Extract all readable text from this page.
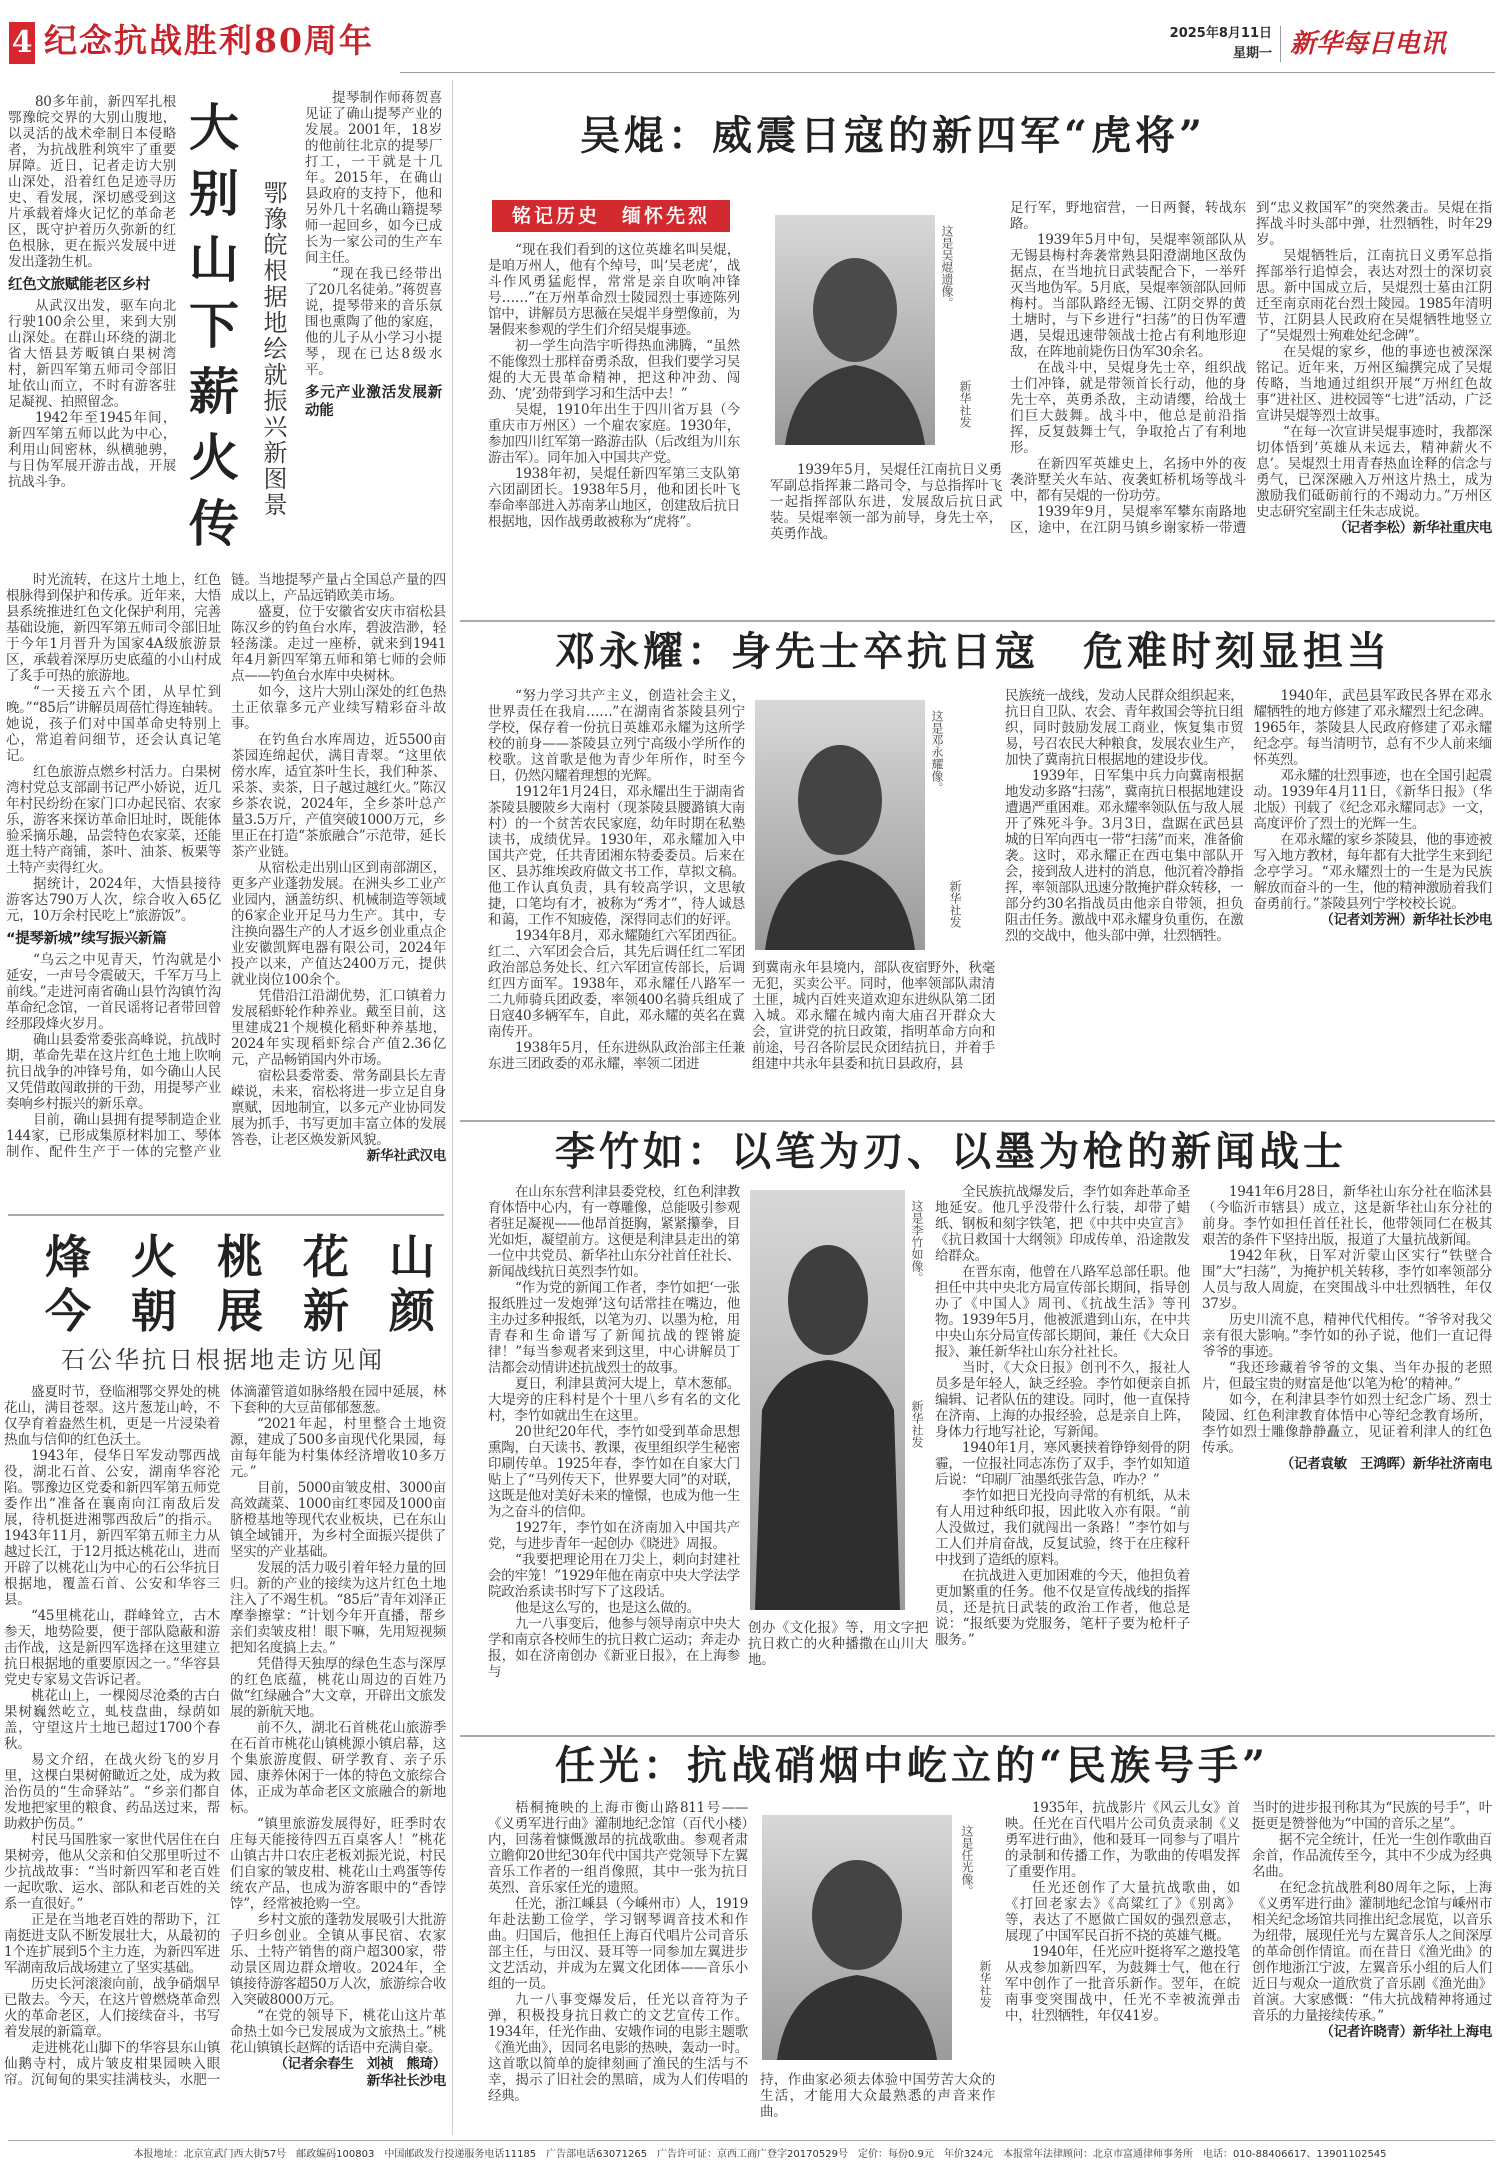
4 纪念抗战胜利80周年	2025年8月11日
星期一 新华每日电讯

80多年前，新四军扎根鄂豫皖交界的大别山腹地，以灵活的战术牵制日本侵略者，为抗战胜利筑牢了重要屏障。近日，记者走访大别山深处，沿着红色足迹寻历史、看发展，深切感受到这片承载着烽火记忆的革命老区，既守护着历久弥新的红色根脉，更在振兴发展中迸发出蓬勃生机。

红色文旅赋能老区乡村

从武汉出发，驱车向北行驶100余公里，来到大别山深处。在群山环绕的湖北省大悟县芳畈镇白果树湾村，新四军第五师司令部旧址依山而立，不时有游客驻足凝视、拍照留念。

1942年至1945年间，新四军第五师以此为中心，利用山间密林，纵横驰骋，与日伪军展开游击战，开展抗战斗争。

大
别
山
下
薪
火
传
鄂豫皖根据地绘就振兴新图景

提琴制作师蒋贺喜见证了确山提琴产业的发展。2001年，18岁的他前往北京的提琴厂打工，一干就是十几年。2015年，在确山县政府的支持下，他和另外几十名确山籍提琴师一起回乡，如今已成长为一家公司的生产车间主任。

“现在我已经带出了20几名徒弟。”蒋贺喜说，提琴带来的音乐氛围也熏陶了他的家庭，他的儿子从小学习小提琴，现在已达8级水平。

多元产业激活发展新动能

时光流转，在这片土地上，红色根脉得到保护和传承。近年来，大悟县系统推进红色文化保护利用，完善基础设施，新四军第五师司令部旧址于今年1月晋升为国家4A级旅游景区，承载着深厚历史底蕴的小山村成了炙手可热的旅游地。

“一天接五六个团，从早忙到晚。”“85后”讲解员周蓓忙得连轴转。她说，孩子们对中国革命史特别上心，常追着问细节，还会认真记笔记。

红色旅游点燃乡村活力。白果树湾村党总支部副书记严小娇说，近几年村民纷纷在家门口办起民宿、农家乐，游客来探访革命旧址时，既能体验采摘乐趣，品尝特色农家菜，还能逛土特产商铺，茶叶、油茶、板栗等土特产卖得红火。

据统计，2024年，大悟县接待游客达790万人次，综合收入65亿元，10万余村民吃上“旅游饭”。

“提琴新城”续写振兴新篇

“乌云之中见青天，竹沟就是小延安，一声号令震破天，千军万马上前线。”走进河南省确山县竹沟镇竹沟革命纪念馆，一首民谣将记者带回曾经那段烽火岁月。

确山县委常委张高峰说，抗战时期，革命先辈在这片红色土地上吹响抗日战争的冲锋号角，如今确山人民又凭借敢闯敢拼的干劲，用提琴产业奏响乡村振兴的新乐章。

目前，确山县拥有提琴制造企业144家，已形成集原材料加工、琴体制作、配件生产于一体的完整产业链。当地提琴产量占全国总产量的四成以上，产品远销欧美市场。

盛夏，位于安徽省安庆市宿松县陈汉乡的钓鱼台水库，碧波浩渺，轻轻荡漾。走过一座桥，就来到1941年4月新四军第五师和第七师的会师点——钓鱼台水库中央树林。

如今，这片大别山深处的红色热土正依靠多元产业续写精彩奋斗故事。

在钓鱼台水库周边，近5500亩茶园连绵起伏，满目青翠。“这里依傍水库，适宜茶叶生长，我们种茶、采茶、卖茶，日子越过越红火。”陈汉乡茶农说，2024年，全乡茶叶总产量3.5万斤，产值突破1000万元，乡里正在打造“茶旅融合”示范带，延长茶产业链。

从宿松走出别山区到南部湖区，更多产业蓬勃发展。在洲头乡工业产业园内，涵盖纺织、机械制造等领域的6家企业开足马力生产。其中，专注换向器生产的人才返乡创业重点企业安徽凯辉电器有限公司，2024年投产以来，产值达2400万元，提供就业岗位100余个。

凭借沿江沿湖优势，汇口镇着力发展稻虾轮作种养业。戴至目前，这里建成21个规模化稻虾种养基地，2024年实现稻虾综合产值2.36亿元，产品畅销国内外市场。

宿松县委常委、常务副县长左青嵘说，未来，宿松将进一步立足自身禀赋，因地制宜，以多元产业协同发展为抓手，书写更加丰富立体的发展答卷，让老区焕发新风貌。

新华社武汉电
烽 火 桃 花 山
今 朝 展 新 颜
石公华抗日根据地走访见闻

盛夏时节，登临湘鄂交界处的桃花山，满目苍翠。这片葱茏山岭，不仅孕育着盎然生机，更是一片浸染着热血与信仰的红色沃土。

1943年，侵华日军发动鄂西战役，湖北石首、公安，湖南华容沦陷。鄂豫边区党委和新四军第五师党委作出“准备在襄南向江南敌后发展，待机挺进湘鄂西敌后”的指示。1943年11月，新四军第五师主力从越过长江，于12月抵达桃花山，进而开辟了以桃花山为中心的石公华抗日根据地，覆盖石首、公安和华容三县。

“45里桃花山，群峰耸立，古木参天，地势险要，便于部队隐蔽和游击作战，这是新四军选择在这里建立抗日根据地的重要原因之一。”华容县党史专家易文告诉记者。

桃花山上，一棵阅尽沧桑的古白果树巍然屹立，虬枝盘曲，绿荫如盖，守望这片土地已超过1700个春秋。

易文介绍，在战火纷飞的岁月里，这棵白果树俯瞰近之处，成为救治伤员的“生命驿站”。“乡亲们都自发地把家里的粮食、药品送过来，帮助救护伤员。”

村民马国胜家一家世代居住在白果树旁，他从父亲和伯父那里听过不少抗战故事：“当时新四军和老百姓一起吹歌、运水、部队和老百姓的关系一直很好。”

正是在当地老百姓的帮助下，江南挺进支队不断发展壮大，从最初的1个连扩展到5个主力连，为新四军进军湖南敌后战场建立了坚实基础。

历史长河滚滚向前，战争硝烟早已散去。今天，在这片曾燃烧革命烈火的革命老区，人们接续奋斗，书写着发展的新篇章。

走进桃花山脚下的华容县东山镇仙鹅寺村，成片皱皮柑果园映入眼帘。沉甸甸的果实挂满枝头，水肥一体滴灌管道如脉络般在园中延展，林下套种的大豆苗郁郁葱葱。

“2021年起，村里整合土地资源，建成了500多亩现代化果园，每亩每年能为村集体经济增收10多万元。”

目前，5000亩皱皮柑、3000亩高效蔬菜、1000亩红枣园及1000亩脐橙基地等现代农业板块，已在东山镇全域铺开，为乡村全面振兴提供了坚实的产业基础。

发展的活力吸引着年轻力量的回归。新的产业的接续为这片红色土地注入了不竭生机。“85后”青年刘泽正摩拳擦掌：“计划今年开直播，帮乡亲们卖皱皮柑！眼下嘛，先用短视频把知名度搞上去。”

凭借得天独厚的绿色生态与深厚的红色底蕴，桃花山周边的百姓乃做“红绿融合”大文章，开辟出文旅发展的新航天地。

前不久，湖北石首桃花山旅游季在石首市桃花山镇桃源小镇启幕，这个集旅游度假、研学教育、亲子乐园、康养休闲于一体的特色文旅综合体，正成为革命老区文旅融合的新地标。

“镇里旅游发展得好，旺季时农庄每天能接待四五百桌客人！”桃花山镇古井口农庄老板刘振光说，村民们自家的皱皮柑、桃花山土鸡蛋等传统农产品，也成为游客眼中的“香饽饽”，经常被抢购一空。

乡村文旅的蓬勃发展吸引大批游子归乡创业。全镇从事民宿、农家乐、土特产销售的商户超300家，带动景区周边群众增收。2024年，全镇接待游客超50万人次，旅游综合收入突破8000万元。

“在党的领导下，桃花山这片革命热土如今已发展成为文旅热土。”桃花山镇镇长赵辉的话语中充满自豪。

（记者余春生　刘祯　熊琦）
新华社长沙电
吴焜：威震日寇的新四军“虎将”
铭记历史　缅怀先烈

“现在我们看到的这位英雄名叫吴焜，是咱万州人，他有个绰号，叫‘吴老虎’，战斗作风勇猛彪悍，常常是亲自吹响冲锋号……”在万州革命烈士陵园烈士事迹陈列馆中，讲解员方思薇在吴焜半身塑像前，为暑假来参观的学生们介绍吴焜事迹。

初一学生向浩宇听得热血沸腾，“虽然不能像烈士那样奋勇杀敌，但我们要学习吴焜的大无畏革命精神，把这种冲劲、闯劲、‘虎’劲带到学习和生活中去！”

吴焜，1910年出生于四川省万县（今重庆市万州区）一个雇农家庭。1930年，参加四川红军第一路游击队（后改组为川东游击军）。同年加入中国共产党。

1938年初，吴焜任新四军第三支队第六团副团长。1938年5月，他和团长叶飞奉命率部进入苏南茅山地区，创建敌后抗日根据地，因作战勇敢被称为“虎将”。

这是吴焜遗像。
新华社发

1939年5月，吴焜任江南抗日义勇军副总指挥兼二路司令，与总指挥叶飞一起指挥部队东进，发展敌后抗日武装。吴焜率领一部为前导，身先士卒，英勇作战。

足行军，野地宿营，一日两餐，转战东路。

1939年5月中旬，吴焜率领部队从无锡县梅村奔袭常熟县阳澄湖地区敌伪据点，在当地抗日武装配合下，一举歼灭当地伪军。5月底，吴焜率领部队回师梅村。当部队路经无锡、江阴交界的黄土塘时，与下乡进行“扫荡”的日伪军遭遇，吴焜迅速带领战士抢占有利地形迎敌，在阵地前毙伤日伪军30余名。

在战斗中，吴焜身先士卒，组织战士们冲锋，就是带领首长行动，他的身先士卒，英勇杀敌，主动请缨，给战士们巨大鼓舞。战斗中，他总是前沿指挥，反复鼓舞士气，争取抢占了有利地形。

在新四军英雄史上，名扬中外的夜袭浒墅关火车站、夜袭虹桥机场等战斗中，都有吴焜的一份功劳。

1939年9月，吴焜率军攀东南路地区，途中，在江阴马镇乡谢家桥一带遭到“忠义救国军”的突然袭击。吴焜在指挥战斗时头部中弹，壮烈牺牲，时年29岁。

吴焜牺牲后，江南抗日义勇军总指挥部举行追悼会，表达对烈士的深切哀思。新中国成立后，吴焜烈士墓由江阴迁至南京雨花台烈士陵园。1985年清明节，江阴县人民政府在吴焜牺牲地竖立了“吴焜烈士殉难处纪念碑”。

在吴焜的家乡，他的事迹也被深深铭记。近年来，万州区编撰完成了吴焜传略，当地通过组织开展“万州红色故事”进社区、进校园等“七进”活动，广泛宣讲吴焜等烈士故事。

“在每一次宣讲吴焜事迹时，我都深切体悟到‘英雄从未远去，精神薪火不息’。吴焜烈士用青春热血诠释的信念与勇气，已深深融入万州这片热土，成为激励我们砥砺前行的不竭动力。”万州区史志研究室副主任朱志成说。

（记者李松）新华社重庆电
邓永耀：身先士卒抗日寇　危难时刻显担当

“努力学习共产主义，创造社会主义，世界责任在我肩……”在湖南省茶陵县列宁学校，保存着一份抗日英雄邓永耀为这所学校的前身——茶陵县立列宁高级小学所作的校歌。这首歌是他为青少年所作，时至今日，仍然闪耀着理想的光辉。

1912年1月24日，邓永耀出生于湖南省茶陵县腰陂乡大南村（现茶陵县腰潞镇大南村）的一个贫苦农民家庭，幼年时期在私塾读书，成绩优异。1930年，邓永耀加入中国共产党，任共青团湘东特委委员。后来在区、县苏维埃政府做文书工作，草拟文稿。他工作认真负责，具有较高学识，文思敏捷，口笔均有才，被称为“秀才”，待人诚恳和蔼，工作不知疲倦，深得同志们的好评。

1934年8月，邓永耀随红六军团西征。红二、六军团会合后，其先后调任红二军团政治部总务处长、红六军团宣传部长，后调红四方面军。1938年，邓永耀任八路军一二九师骑兵团政委，率领400名骑兵组成了日寇40多辆军车，自此，邓永耀的英名在冀南传开。

1938年5月，任东进纵队政治部主任兼东进三团政委的邓永耀，率领二团进

这是邓永耀像。
新华社发

到冀南永年县境内，部队夜宿野外，秋毫无犯，买卖公平。同时，他率领部队肃清土匪，城内百姓夹道欢迎东进纵队第二团入城。邓永耀在城内南大庙召开群众大会，宣讲党的抗日政策，指明革命方向和前途，号召各阶层民众团结抗日，并着手组建中共永年县委和抗日县政府，县

民族统一战线，发动人民群众组织起来，抗日自卫队、农会、青年救国会等抗日组织，同时鼓励发展工商业，恢复集市贸易，号召农民大种粮食，发展农业生产，加快了冀南抗日根据地的建设步伐。

1939年，日军集中兵力向冀南根据地发动多路“扫荡”，冀南抗日根据地建设遭遇严重困难。邓永耀率领队伍与敌人展开了殊死斗争。3月3日，盘踞在武邑县城的日军向西屯一带“扫荡”而来，准备偷袭。这时，邓永耀正在西屯集中部队开会，接到敌人进村的消息，他沉着冷静指挥，率领部队迅速分散掩护群众转移，一部分约30名指战员由他亲自带领，担负阻击任务。激战中邓永耀身负重伤，在激烈的交战中，他头部中弹，壮烈牺牲。

1940年，武邑县军政民各界在邓永耀牺牲的地方修建了邓永耀烈士纪念碑。1965年，茶陵县人民政府修建了邓永耀纪念亭。每当清明节，总有不少人前来缅怀英烈。

邓永耀的壮烈事迹，也在全国引起震动。1939年4月11日，《新华日报》（华北版）刊载了《纪念邓永耀同志》一文，高度评价了烈士的光辉一生。

在邓永耀的家乡茶陵县，他的事迹被写入地方教材，每年都有大批学生来到纪念亭学习。“邓永耀烈士的一生是为民族解放而奋斗的一生，他的精神激励着我们奋勇前行。”茶陵县列宁学校校长说。

（记者刘芳洲）新华社长沙电
李竹如：以笔为刃、以墨为枪的新闻战士

在山东东营利津县委党校，红色利津教育体悟中心内，有一尊雕像，总能吸引参观者驻足凝视——他昂首挺胸，紧紧攥拳，目光如炬，凝望前方。这便是利津县走出的第一位中共党员、新华社山东分社首任社长、新闻战线抗日英烈李竹如。

“作为党的新闻工作者，李竹如把‘一张报纸胜过一发炮弹’这句话常挂在嘴边，他主办过多种报纸，以笔为刃、以墨为枪，用青春和生命谱写了新闻抗战的铿锵旋律！”每当参观者来到这里，中心讲解员丁洁都会动情讲述抗战烈士的故事。

夏日，利津县黄河大堤上，草木葱郁。大堤旁的庄科村是个十里八乡有名的文化村，李竹如就出生在这里。

20世纪20年代，李竹如受到革命思想熏陶，白天读书、教课，夜里组织学生秘密印刷传单。1925年春，李竹如在自家大门贴上了“马列传天下，世界要大同”的对联，这既是他对美好未来的憧憬，也成为他一生为之奋斗的信仰。

1927年，李竹如在济南加入中国共产党，与进步青年一起创办《晓进》周报。

“我要把理论用在刀尖上，刺向封建社会的牢笼！”1929年他在南京中央大学法学院政治系读书时写下了这段话。

他是这么写的，也是这么做的。

九一八事变后，他参与领导南京中央大学和南京各校师生的抗日救亡运动；奔走办报，如在济南创办《新亚日报》，在上海参与

这是李竹如像。
新华社发

创办《文化报》等，用文字把抗日救亡的火种播撒在山川大地。

全民族抗战爆发后，李竹如奔赴革命圣地延安。他几乎没带什么行装，却带了蜡纸、钢板和刻字铁笔，把《中共中央宣言》《抗日救国十大纲领》印成传单，沿途散发给群众。

在晋东南，他曾在八路军总部任职。他担任中共中央北方局宣传部长期间，指导创办了《中国人》周刊、《抗战生活》等刊物。1939年5月，他被派遣到山东，在中共中央山东分局宣传部长期间，兼任《大众日报》、兼任新华社山东分社社长。

当时，《大众日报》创刊不久，报社人员多是年轻人，缺乏经验。李竹如便亲自抓编辑、记者队伍的建设。同时，他一直保持在济南、上海的办报经验，总是亲自上阵，身体力行地写社论，写新闻。

1940年1月，寒风裹挟着铮铮刻骨的阴霾，一位报社同志冻伤了双手，李竹如知道后说：“印刷厂油墨纸张告急，咋办？”

李竹如把日光投向寻常的有机纸，从未有人用过种纸印报，因此收入亦有限。“前人没做过，我们就闯出一条路！”李竹如与工人们并肩奋战，反复试验，终于在庄稼秆中找到了造纸的原料。

在抗战进入更加困难的今天，他担负着更加繁重的任务。他不仅是宣传战线的指挥员，还是抗日武装的政治工作者，他总是说：“报纸要为党服务，笔杆子要为枪杆子服务。”

1941年6月28日，新华社山东分社在临沭县（今临沂市辖县）成立，这是新华社山东分社的前身。李竹如担任首任社长，他带领同仁在极其艰苦的条件下坚持出版，报道了大量抗战新闻。

1942年秋，日军对沂蒙山区实行“铁壁合围”大“扫荡”，为掩护机关转移，李竹如率领部分人员与敌人周旋，在突围战斗中壮烈牺牲，年仅37岁。

历史川流不息，精神代代相传。“爷爷对我父亲有很大影响。”李竹如的孙子说，他们一直记得爷爷的事迹。

“我还珍藏着爷爷的文集、当年办报的老照片，但最宝贵的财富是他‘以笔为枪’的精神。”

如今，在利津县李竹如烈士纪念广场、烈士陵园、红色利津教育体悟中心等纪念教育场所，李竹如烈士雕像静静矗立，见证着利津人的红色传承。

（记者袁敏　王鸿晖）新华社济南电
任光：抗战硝烟中屹立的“民族号手”

梧桐掩映的上海市衡山路811号——《义勇军进行曲》灌制地纪念馆（百代小楼）内，回荡着慷慨激昂的抗战歌曲。参观者肃立瞻仰20世纪30年代中国共产党领导下左翼音乐工作者的一组肖像照，其中一张为抗日英烈、音乐家任光的遗照。

任光，浙江嵊县（今嵊州市）人，1919年赴法勤工俭学，学习钢琴调音技术和作曲。归国后，他担任上海百代唱片公司音乐部主任，与田汉、聂耳等一同参加左翼进步文艺活动，并成为左翼文化团体——音乐小组的一员。

九一八事变爆发后，任光以音符为子弹，积极投身抗日救亡的文艺宣传工作。1934年，任光作曲、安娥作词的电影主题歌《渔光曲》，因同名电影的热映，轰动一时。这首歌以简单的旋律刻画了渔民的生活与不幸，揭示了旧社会的黑暗，成为人们传唱的经典。

这是任光像。
新华社发

持，作曲家必须去体验中国劳苦大众的生活，才能用大众最熟悉的声音来作曲。

1935年，抗战影片《风云儿女》首映。任光在百代唱片公司负责录制《义勇军进行曲》，他和聂耳一同参与了唱片的录制和传播工作，为歌曲的传唱发挥了重要作用。

任光还创作了大量抗战歌曲，如《打回老家去》《高粱红了》《别离》等，表达了不愿做亡国奴的强烈意志，展现了中国军民百折不挠的英雄气概。

1940年，任光应叶挺将军之邀投笔从戎参加新四军，为鼓舞士气，他在行军中创作了一批音乐新作。翌年，在皖南事变突围战中，任光不幸被流弹击中，壮烈牺牲，年仅41岁。

当时的进步报刊称其为“民族的号手”，叶挺更是赞誉他为“中国的音乐之星”。

据不完全统计，任光一生创作歌曲百余首，作品流传至今，其中不少成为经典名曲。

在纪念抗战胜利80周年之际，上海《义勇军进行曲》灌制地纪念馆与嵊州市相关纪念场馆共同推出纪念展览，以音乐为纽带，展现任光与左翼音乐人之间深厚的革命创作情谊。而在昔日《渔光曲》的创作地浙江宁波，左翼音乐小组的后人们近日与观众一道欣赏了音乐剧《渔光曲》首演。大家感慨：“伟大抗战精神将通过音乐的力量接续传承。”

（记者许晓青）新华社上海电
本报地址：北京宣武门西大街57号　邮政编码100803　中国邮政发行投递服务电话11185　广告部电话63071265　广告许可证：京西工商广登字20170529号　定价：每份0.9元　年价324元　本报常年法律顾问：北京市富通律师事务所　电话：010-88406617、13901102545
